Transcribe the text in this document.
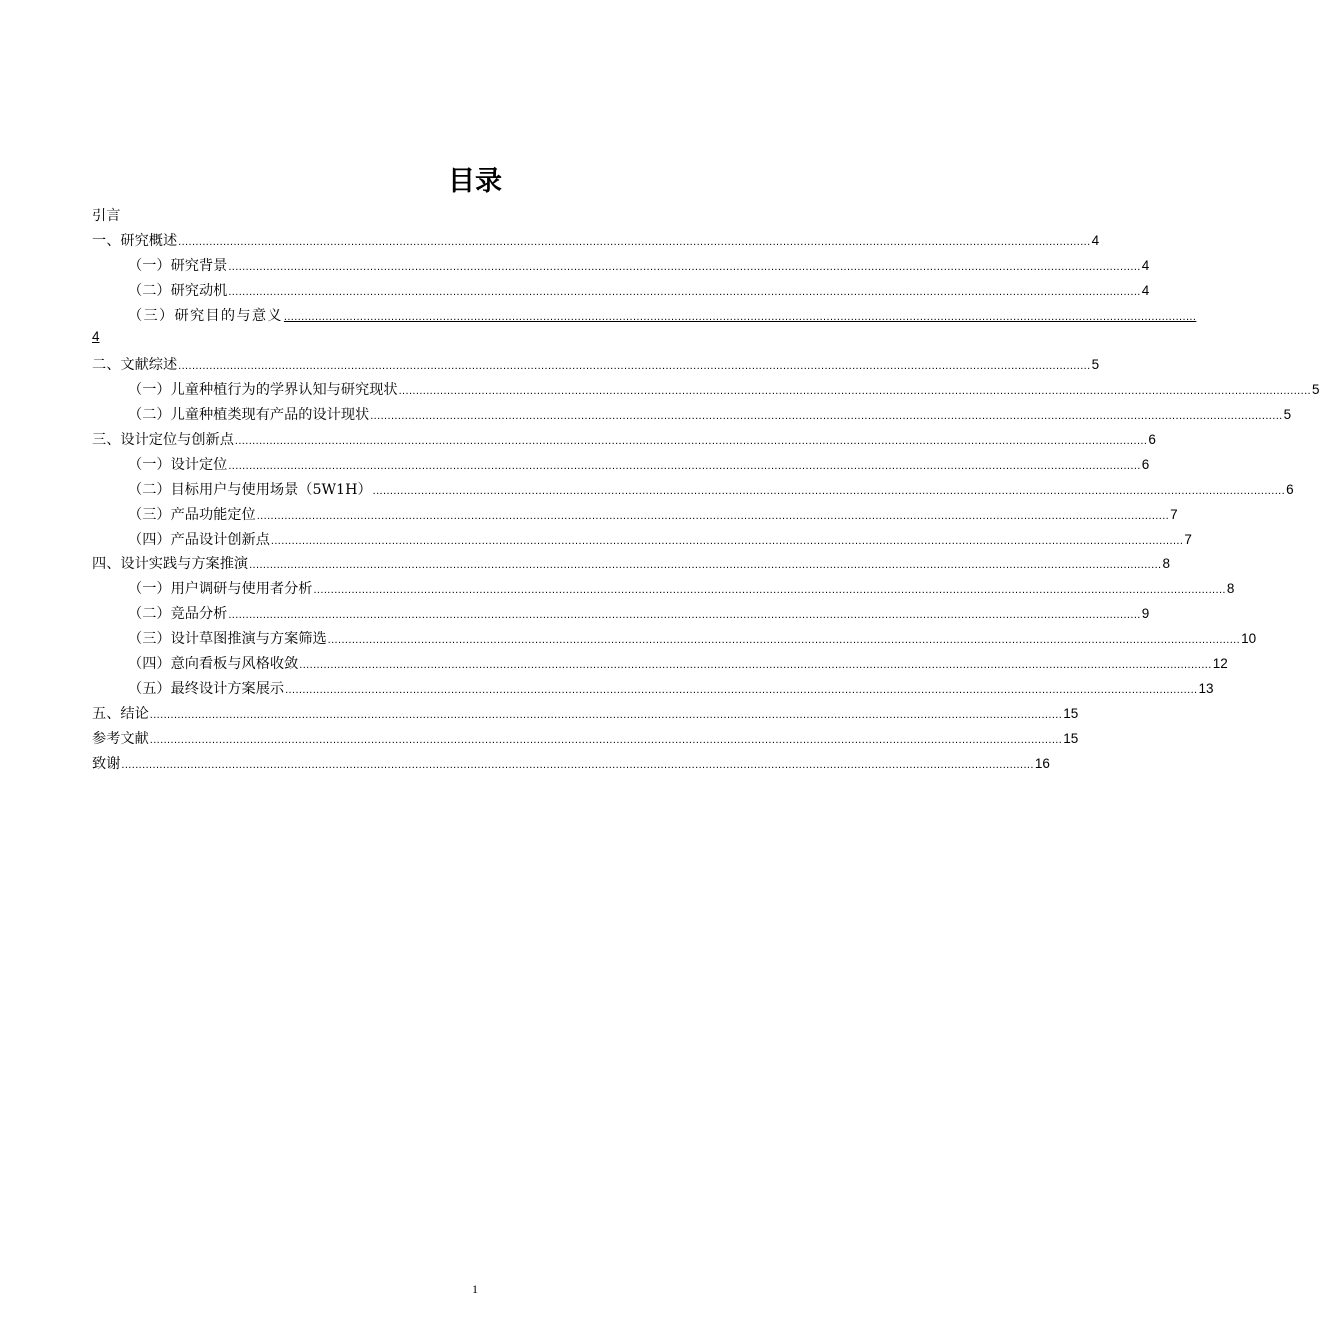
目录
引言
一、研究概述 ........................................................................................................................................................................................................................................................................ 4
（一）研究背景 ........................................................................................................................................................................................................................................................................ 4
（二）研究动机 ........................................................................................................................................................................................................................................................................ 4
（三）研究目的与意义 ........................................................................................................................................................................................................................................................................
4
二、文献综述 ........................................................................................................................................................................................................................................................................ 5
（一）儿童种植行为的学界认知与研究现状 ........................................................................................................................................................................................................................................................................ 5
（二）儿童种植类现有产品的设计现状 ........................................................................................................................................................................................................................................................................ 5
三、设计定位与创新点 ........................................................................................................................................................................................................................................................................ 6
（一）设计定位 ........................................................................................................................................................................................................................................................................ 6
（二）目标用户与使用场景（5W1H） ........................................................................................................................................................................................................................................................................ 6
（三）产品功能定位 ........................................................................................................................................................................................................................................................................ 7
（四）产品设计创新点 ........................................................................................................................................................................................................................................................................ 7
四、设计实践与方案推演 ........................................................................................................................................................................................................................................................................ 8
（一）用户调研与使用者分析 ........................................................................................................................................................................................................................................................................ 8
（二）竞品分析 ........................................................................................................................................................................................................................................................................ 9
（三）设计草图推演与方案筛选 ........................................................................................................................................................................................................................................................................ 10
（四）意向看板与风格收敛 ........................................................................................................................................................................................................................................................................ 12
（五）最终设计方案展示 ........................................................................................................................................................................................................................................................................ 13
五、结论 ........................................................................................................................................................................................................................................................................ 15
参考文献 ........................................................................................................................................................................................................................................................................ 15
致谢 ........................................................................................................................................................................................................................................................................ 16
1
